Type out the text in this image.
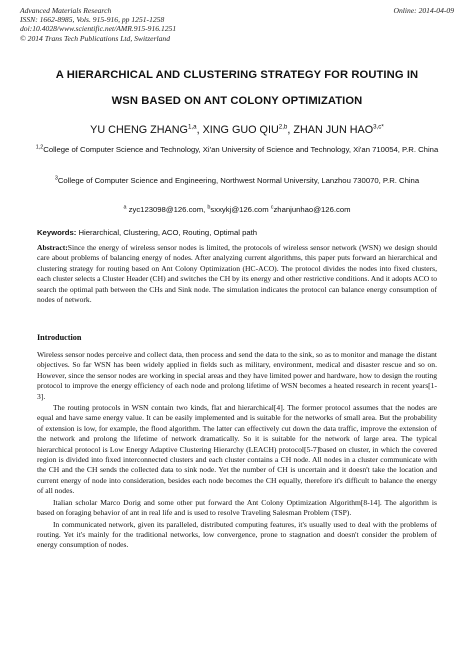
Advanced Materials Research	Online: 2014-04-09
ISSN: 1662-8985, Vols. 915-916, pp 1251-1258
doi:10.4028/www.scientific.net/AMR.915-916.1251
© 2014 Trans Tech Publications Ltd, Switzerland
A HIERARCHICAL AND CLUSTERING STRATEGY FOR ROUTING IN
WSN BASED ON ANT COLONY OPTIMIZATION
YU CHENG ZHANG$^{1,a}$, XING GUO QIU$^{2,b}$, ZHAN JUN $HAO^{3,c*}$
$^{1,2}$College of Computer Science and Technology, Xi'an University of Science and Technology, Xi'an 710054, P.R. China
$^3$College of Computer Science and Engineering, Northwest Normal University, Lanzhou 730070, P.R. China
$^a$ zyc123098@126.com, $^b$sxxykj@126.com $^c$zhanjunhao@126.com
Keywords: Hierarchical, Clustering, ACO, Routing, Optimal path
Abstract:Since the energy of wireless sensor nodes is limited, the protocols of wireless sensor network (WSN) we design should care about problems of balancing energy of nodes. After analyzing current algorithms, this paper puts forward an hierarchical and clustering strategy for routing based on Ant Colony Optimization (HC-ACO). The protocol divides the nodes into fixed clusters, each cluster selects a Cluster Header (CH) and switches the CH by its energy and other restrictive conditions. And it adopts ACO to search the optimal path between the CHs and Sink node. The simulation indicates the protocol can balance energy consumption of nodes of network.
Introduction

Wireless sensor nodes perceive and collect data, then process and send the data to the sink, so as to monitor and manage the distant objectives. So far WSN has been widely applied in fields such as military, environment, medical and disaster rescue and so on. However, since the sensor nodes are working in special areas and they have limited power and hardware, how to design the routing protocol to improve the energy efficiency of each node and prolong lifetime of WSN becomes a heated research in recent years[1-3].

The routing protocols in WSN contain two kinds, flat and hierarchical[4]. The former protocol assumes that the nodes are equal and have same energy value. It can be easily implemented and is suitable for the networks of small area. But the probability of extension is low, for example, the flood algorithm. The latter can effectively cut down the data traffic, improve the extension of the network and prolong the lifetime of network dramatically. So it is suitable for the network of large area. The typical hierarchical protocol is Low Energy Adaptive Clustering Hierarchy (LEACH) protocol[5-7]based on cluster, in which the covered region is divided into fixed interconnected clusters and each cluster contains a CH node. All nodes in a cluster communicate with the CH and the CH sends the collected data to sink node. Yet the number of CH is uncertain and it doesn't take the location and current energy of node into consideration, besides each node becomes the CH equally, therefore it's difficult to balance the energy of all nodes.

Italian scholar Marco Dorig and some other put forward the Ant Colony Optimization Algorithm[8-14]. The algorithm is based on foraging behavior of ant in real life and is used to resolve Traveling Salesman Problem (TSP).

In communicated network, given its paralleled, distributed computing features, it's usually used to deal with the problems of routing. Yet it's mainly for the traditional networks, low convergence, prone to stagnation and doesn't consider the problem of energy consumption of nodes.
